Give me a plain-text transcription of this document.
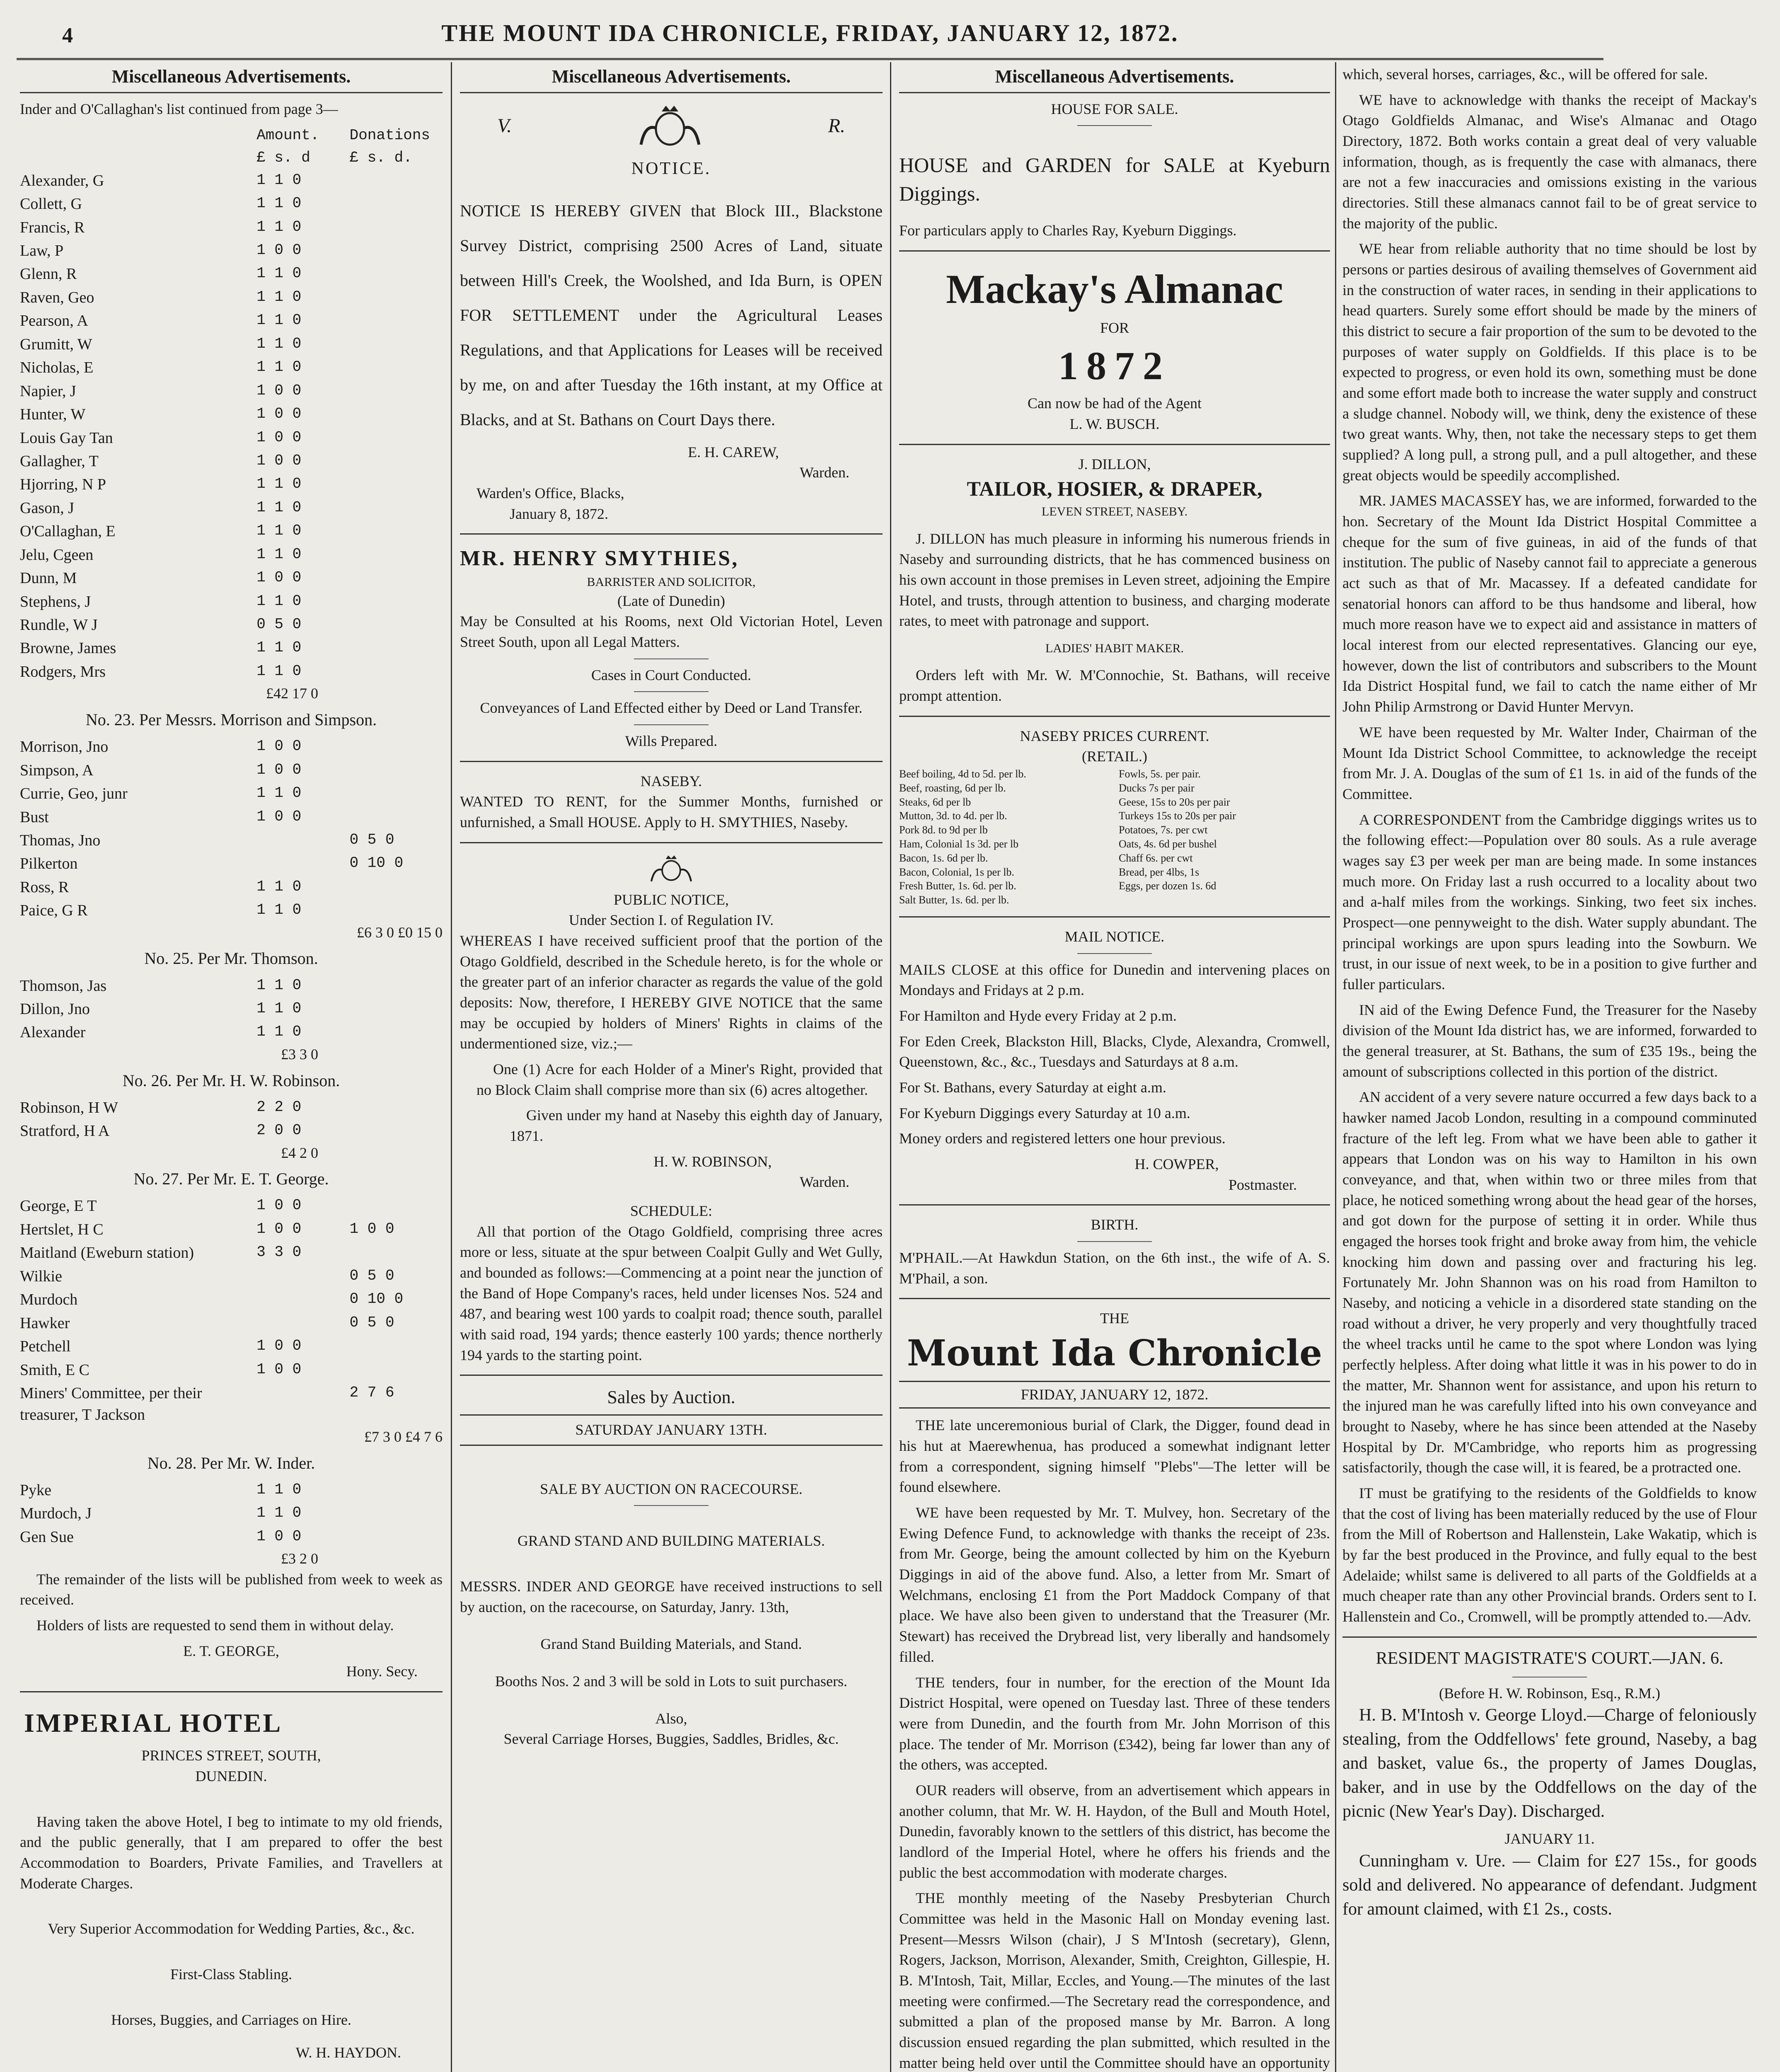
4	THE MOUNT IDA CHRONICLE, FRIDAY, JANUARY 12, 1872.
Miscellaneous Advertisements.

Inder and O'Callaghan's list continued from page 3—

	Amount.	Donations
	£ s. d	£ s. d.
Alexander, G	1 1 0	
Collett, G	1 1 0	
Francis, R	1 1 0	
Law, P	1 0 0	
Glenn, R	1 1 0	
Raven, Geo	1 1 0	
Pearson, A	1 1 0	
Grumitt, W	1 1 0	
Nicholas, E	1 1 0	
Napier, J	1 0 0	
Hunter, W	1 0 0	
Louis Gay Tan	1 0 0	
Gallagher, T	1 0 0	
Hjorring, N P	1 1 0	
Gason, J	1 1 0	
O'Callaghan, E	1 1 0	
Jelu, Cgeen	1 1 0	
Dunn, M	1 0 0	
Stephens, J	1 1 0	
Rundle, W J	0 5 0	
Browne, James	1 1 0	
Rodgers, Mrs	1 1 0	
£42 17 0
No. 23. Per Messrs. Morrison and Simpson.
Morrison, Jno	1 0 0	
Simpson, A	1 0 0	
Currie, Geo, junr	1 1 0	
Bust	1 0 0	
Thomas, Jno		0 5 0
Pilkerton		0 10 0
Ross, R	1 1 0	
Paice, G R	1 1 0	
£6 3 0 £0 15 0
No. 25. Per Mr. Thomson.
Thomson, Jas	1 1 0	
Dillon, Jno	1 1 0	
Alexander	1 1 0	
£3 3 0
No. 26. Per Mr. H. W. Robinson.
Robinson, H W	2 2 0	
Stratford, H A	2 0 0	
£4 2 0
No. 27. Per Mr. E. T. George.
George, E T	1 0 0	
Hertslet, H C	1 0 0	1 0 0
Maitland (Eweburn station)	3 3 0	
Wilkie		0 5 0
Murdoch		0 10 0
Hawker		0 5 0
Petchell	1 0 0	
Smith, E C	1 0 0	
Miners' Committee, per their treasurer, T Jackson		2 7 6
£7 3 0 £4 7 6
No. 28. Per Mr. W. Inder.
Pyke	1 1 0	
Murdoch, J	1 1 0	
Gen Sue	1 0 0	
£3 2 0

The remainder of the lists will be published from week to week as received.

Holders of lists are requested to send them in without delay.

E. T. GEORGE,
Hony. Secy.
IMPERIAL HOTEL
PRINCES STREET, SOUTH,
DUNEDIN.

Having taken the above Hotel, I beg to intimate to my old friends, and the public generally, that I am prepared to offer the best Accommodation to Boarders, Private Families, and Travellers at Moderate Charges.

Very Superior Accommodation for Wedding Parties, &c., &c.

First-Class Stabling.

Horses, Buggies, and Carriages on Hire.

W. H. HAYDON.

Miscellaneous Advertisements.
V.	R.
NOTICE.

NOTICE IS HEREBY GIVEN that Block III., Blackstone Survey District, comprising 2500 Acres of Land, situate between Hill's Creek, the Woolshed, and Ida Burn, is OPEN FOR SETTLEMENT under the Agricultural Leases Regulations, and that Applications for Leases will be received by me, on and after Tuesday the 16th instant, at my Office at Blacks, and at St. Bathans on Court Days there.

E. H. CAREW,
Warden.
Warden's Office, Blacks,
January 8, 1872.
MR. HENRY SMYTHIES,
BARRISTER AND SOLICITOR,
(Late of Dunedin)

May be Consulted at his Rooms, next Old Victorian Hotel, Leven Street South, upon all Legal Matters.

Cases in Court Conducted.

Conveyances of Land Effected either by Deed or Land Transfer.

Wills Prepared.

NASEBY.

WANTED TO RENT, for the Summer Months, furnished or unfurnished, a Small HOUSE. Apply to H. SMYTHIES, Naseby.

PUBLIC NOTICE,
Under Section I. of Regulation IV.

WHEREAS I have received sufficient proof that the portion of the Otago Goldfield, described in the Schedule hereto, is for the whole or the greater part of an inferior character as regards the value of the gold deposits: Now, therefore, I HEREBY GIVE NOTICE that the same may be occupied by holders of Miners' Rights in claims of the undermentioned size, viz.;—

One (1) Acre for each Holder of a Miner's Right, provided that no Block Claim shall comprise more than six (6) acres altogether.

Given under my hand at Naseby this eighth day of January, 1871.

H. W. ROBINSON,
Warden.
SCHEDULE:

All that portion of the Otago Goldfield, comprising three acres more or less, situate at the spur between Coalpit Gully and Wet Gully, and bounded as follows:—Commencing at a point near the junction of the Band of Hope Company's races, held under licenses Nos. 524 and 487, and bearing west 100 yards to coalpit road; thence south, parallel with said road, 194 yards; thence easterly 100 yards; thence northerly 194 yards to the starting point.

Sales by Auction.
SATURDAY JANUARY 13TH.
SALE BY AUCTION ON RACECOURSE.
GRAND STAND AND BUILDING MATERIALS.

MESSRS. INDER AND GEORGE have received instructions to sell by auction, on the racecourse, on Saturday, Janry. 13th,

Grand Stand Building Materials, and Stand.

Booths Nos. 2 and 3 will be sold in Lots to suit purchasers.

Also,

Several Carriage Horses, Buggies, Saddles, Bridles, &c.

Miscellaneous Advertisements.
HOUSE FOR SALE.

HOUSE and GARDEN for SALE at Kyeburn Diggings.

For particulars apply to Charles Ray, Kyeburn Diggings.

Mackay's Almanac
FOR
1872
Can now be had of the Agent
L. W. BUSCH.
J. DILLON,
TAILOR, HOSIER, & DRAPER,
LEVEN STREET, NASEBY.

J. DILLON has much pleasure in informing his numerous friends in Naseby and surrounding districts, that he has commenced business on his own account in those premises in Leven street, adjoining the Empire Hotel, and trusts, through attention to business, and charging moderate rates, to meet with patronage and support.

LADIES' HABIT MAKER.

Orders left with Mr. W. M'Connochie, St. Bathans, will receive prompt attention.

NASEBY PRICES CURRENT.
(RETAIL.)
Beef boiling, 4d to 5d. per lb.
Beef, roasting, 6d per lb.
Steaks, 6d per lb
Mutton, 3d. to 4d. per lb.
Pork 8d. to 9d per lb
Ham, Colonial 1s 3d. per lb
Bacon, 1s. 6d per lb.
Bacon, Colonial, 1s per lb.
Fresh Butter, 1s. 6d. per lb.
Salt Butter, 1s. 6d. per lb.
Fowls, 5s. per pair.
Ducks 7s per pair
Geese, 15s to 20s per pair
Turkeys 15s to 20s per pair
Potatoes, 7s. per cwt
Oats, 4s. 6d per bushel
Chaff 6s. per cwt
Bread, per 4lbs, 1s
Eggs, per dozen 1s. 6d
MAIL NOTICE.

MAILS CLOSE at this office for Dunedin and intervening places on Mondays and Fridays at 2 p.m.

For Hamilton and Hyde every Friday at 2 p.m.

For Eden Creek, Blackston Hill, Blacks, Clyde, Alexandra, Cromwell, Queenstown, &c., &c., Tuesdays and Saturdays at 8 a.m.

For St. Bathans, every Saturday at eight a.m.

For Kyeburn Diggings every Saturday at 10 a.m.

Money orders and registered letters one hour previous.

H. COWPER,
Postmaster.
BIRTH.

M'PHAIL.—At Hawkdun Station, on the 6th inst., the wife of A. S. M'Phail, a son.

THE
Mount Ida Chronicle
FRIDAY, JANUARY 12, 1872.

THE late unceremonious burial of Clark, the Digger, found dead in his hut at Maerewhenua, has produced a somewhat indignant letter from a correspondent, signing himself "Plebs"—The letter will be found elsewhere.

WE have been requested by Mr. T. Mulvey, hon. Secretary of the Ewing Defence Fund, to acknowledge with thanks the receipt of 23s. from Mr. George, being the amount collected by him on the Kyeburn Diggings in aid of the above fund. Also, a letter from Mr. Smart of Welchmans, enclosing £1 from the Port Maddock Company of that place. We have also been given to understand that the Treasurer (Mr. Stewart) has received the Drybread list, very liberally and handsomely filled.

THE tenders, four in number, for the erection of the Mount Ida District Hospital, were opened on Tuesday last. Three of these tenders were from Dunedin, and the fourth from Mr. John Morrison of this place. The tender of Mr. Morrison (£342), being far lower than any of the others, was accepted.

OUR readers will observe, from an advertisement which appears in another column, that Mr. W. H. Haydon, of the Bull and Mouth Hotel, Dunedin, favorably known to the settlers of this district, has become the landlord of the Imperial Hotel, where he offers his friends and the public the best accommodation with moderate charges.

THE monthly meeting of the Naseby Presbyterian Church Committee was held in the Masonic Hall on Monday evening last. Present—Messrs Wilson (chair), J S M'Intosh (secretary), Glenn, Rogers, Jackson, Morrison, Alexander, Smith, Creighton, Gillespie, H. B. M'Intosh, Tait, Millar, Eccles, and Young.—The minutes of the last meeting were confirmed.—The Secretary read the correspondence, and submitted a plan of the proposed manse by Mr. Barron. A long discussion ensued regarding the plan submitted, which resulted in the matter being held over until the Committee should have an opportunity

which, several horses, carriages, &c., will be offered for sale.

WE have to acknowledge with thanks the receipt of Mackay's Otago Goldfields Almanac, and Wise's Almanac and Otago Directory, 1872. Both works contain a great deal of very valuable information, though, as is frequently the case with almanacs, there are not a few inaccuracies and omissions existing in the various directories. Still these almanacs cannot fail to be of great service to the majority of the public.

WE hear from reliable authority that no time should be lost by persons or parties desirous of availing themselves of Government aid in the construction of water races, in sending in their applications to head quarters. Surely some effort should be made by the miners of this district to secure a fair proportion of the sum to be devoted to the purposes of water supply on Goldfields. If this place is to be expected to progress, or even hold its own, something must be done and some effort made both to increase the water supply and construct a sludge channel. Nobody will, we think, deny the existence of these two great wants. Why, then, not take the necessary steps to get them supplied? A long pull, a strong pull, and a pull altogether, and these great objects would be speedily accomplished.

MR. JAMES MACASSEY has, we are informed, forwarded to the hon. Secretary of the Mount Ida District Hospital Committee a cheque for the sum of five guineas, in aid of the funds of that institution. The public of Naseby cannot fail to appreciate a generous act such as that of Mr. Macassey. If a defeated candidate for senatorial honors can afford to be thus handsome and liberal, how much more reason have we to expect aid and assistance in matters of local interest from our elected representatives. Glancing our eye, however, down the list of contributors and subscribers to the Mount Ida District Hospital fund, we fail to catch the name either of Mr John Philip Armstrong or David Hunter Mervyn.

WE have been requested by Mr. Walter Inder, Chairman of the Mount Ida District School Committee, to acknowledge the receipt from Mr. J. A. Douglas of the sum of £1 1s. in aid of the funds of the Committee.

A CORRESPONDENT from the Cambridge diggings writes us to the following effect:—Population over 80 souls. As a rule average wages say £3 per week per man are being made. In some instances much more. On Friday last a rush occurred to a locality about two and a-half miles from the workings. Sinking, two feet six inches. Prospect—one pennyweight to the dish. Water supply abundant. The principal workings are upon spurs leading into the Sowburn. We trust, in our issue of next week, to be in a position to give further and fuller particulars.

IN aid of the Ewing Defence Fund, the Treasurer for the Naseby division of the Mount Ida district has, we are informed, forwarded to the general treasurer, at St. Bathans, the sum of £35 19s., being the amount of subscriptions collected in this portion of the district.

AN accident of a very severe nature occurred a few days back to a hawker named Jacob London, resulting in a compound comminuted fracture of the left leg. From what we have been able to gather it appears that London was on his way to Hamilton in his own conveyance, and that, when within two or three miles from that place, he noticed something wrong about the head gear of the horses, and got down for the purpose of setting it in order. While thus engaged the horses took fright and broke away from him, the vehicle knocking him down and passing over and fracturing his leg. Fortunately Mr. John Shannon was on his road from Hamilton to Naseby, and noticing a vehicle in a disordered state standing on the road without a driver, he very properly and very thoughtfully traced the wheel tracks until he came to the spot where London was lying perfectly helpless. After doing what little it was in his power to do in the matter, Mr. Shannon went for assistance, and upon his return to the injured man he was carefully lifted into his own conveyance and brought to Naseby, where he has since been attended at the Naseby Hospital by Dr. M'Cambridge, who reports him as progressing satisfactorily, though the case will, it is feared, be a protracted one.

IT must be gratifying to the residents of the Goldfields to know that the cost of living has been materially reduced by the use of Flour from the Mill of Robertson and Hallenstein, Lake Wakatip, which is by far the best produced in the Province, and fully equal to the best Adelaide; whilst same is delivered to all parts of the Goldfields at a much cheaper rate than any other Provincial brands. Orders sent to I. Hallenstein and Co., Cromwell, will be promptly attended to.—Adv.

RESIDENT MAGISTRATE'S COURT.—JAN. 6.
(Before H. W. Robinson, Esq., R.M.)

H. B. M'Intosh v. George Lloyd.—Charge of feloniously stealing, from the Oddfellows' fete ground, Naseby, a bag and basket, value 6s., the property of James Douglas, baker, and in use by the Oddfellows on the day of the picnic (New Year's Day). Discharged.

JANUARY 11.

Cunningham v. Ure. — Claim for £27 15s., for goods sold and delivered. No appearance of defendant. Judgment for amount claimed, with £1 2s., costs.
